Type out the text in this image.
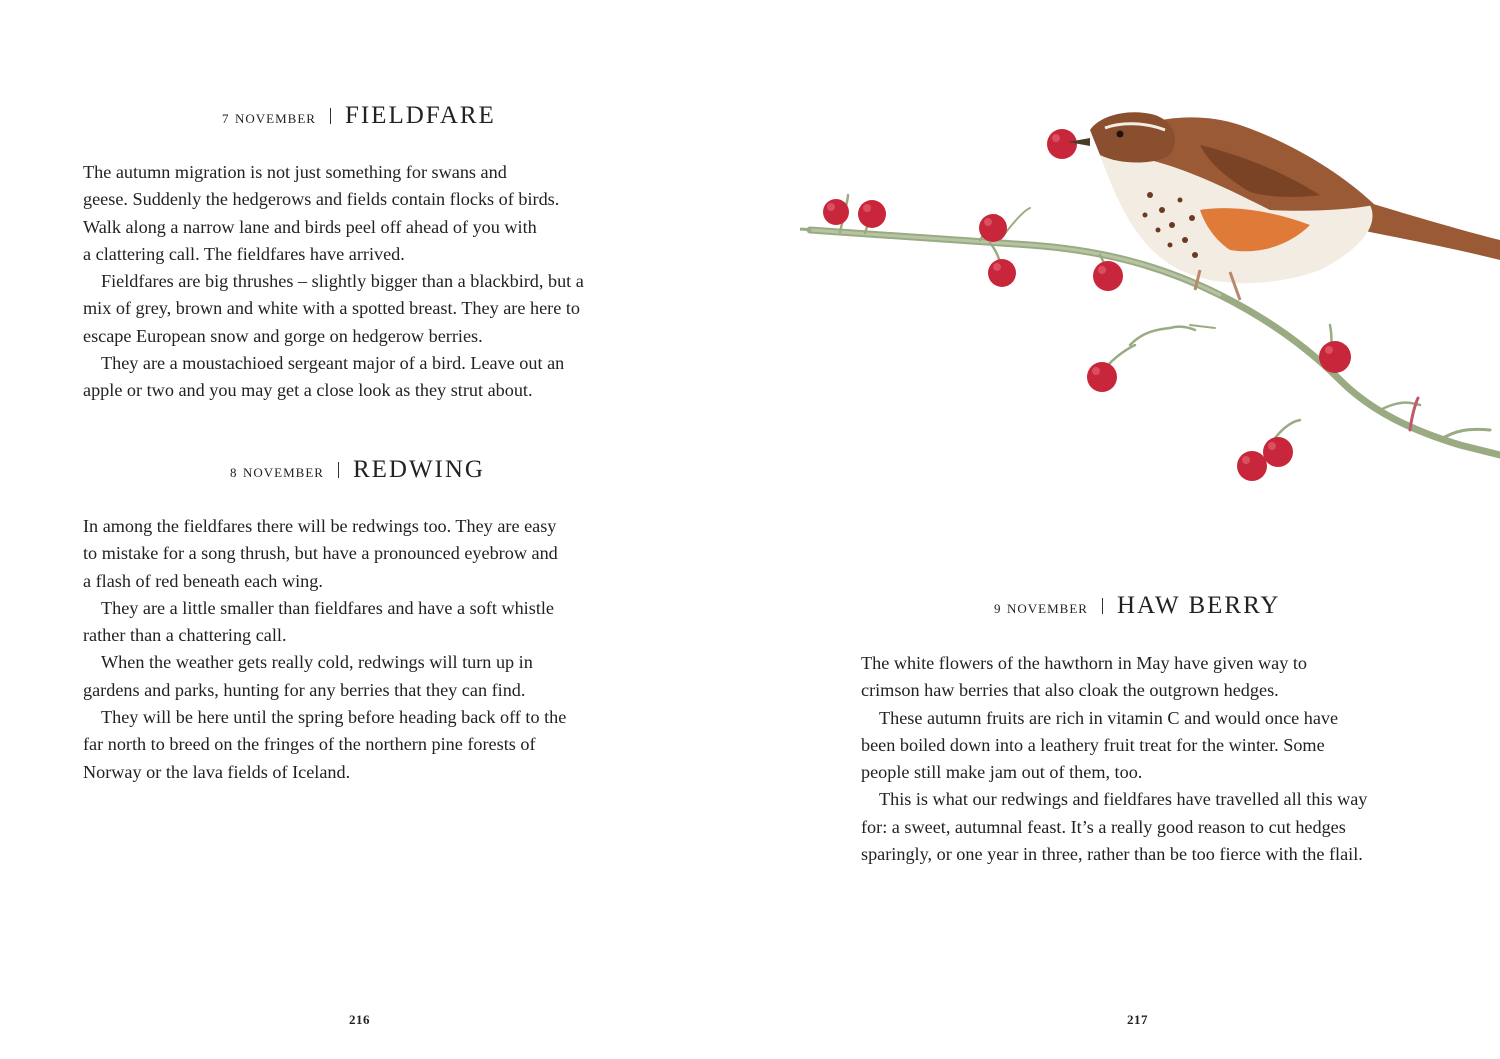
7 NOVEMBER FIELDFARE

The autumn migration is not just something for swans and
geese. Suddenly the hedgerows and fields contain flocks of birds.
Walk along a narrow lane and birds peel off ahead of you with
a clattering call. The fieldfares have arrived.

Fieldfares are big thrushes – slightly bigger than a blackbird, but a
mix of grey, brown and white with a spotted breast. They are here to
escape European snow and gorge on hedgerow berries.

They are a moustachioed sergeant major of a bird. Leave out an
apple or two and you may get a close look as they strut about.

8 NOVEMBER REDWING

In among the fieldfares there will be redwings too. They are easy
to mistake for a song thrush, but have a pronounced eyebrow and
a flash of red beneath each wing.

They are a little smaller than fieldfares and have a soft whistle
rather than a chattering call.

When the weather gets really cold, redwings will turn up in
gardens and parks, hunting for any berries that they can find.

They will be here until the spring before heading back off to the
far north to breed on the fringes of the northern pine forests of
Norway or the lava fields of Iceland.

216
9 NOVEMBER HAW BERRY

The white flowers of the hawthorn in May have given way to
crimson haw berries that also cloak the outgrown hedges.

These autumn fruits are rich in vitamin C and would once have
been boiled down into a leathery fruit treat for the winter. Some
people still make jam out of them, too.

This is what our redwings and fieldfares have travelled all this way
for: a sweet, autumnal feast. It’s a really good reason to cut hedges
sparingly, or one year in three, rather than be too fierce with the flail.

217
